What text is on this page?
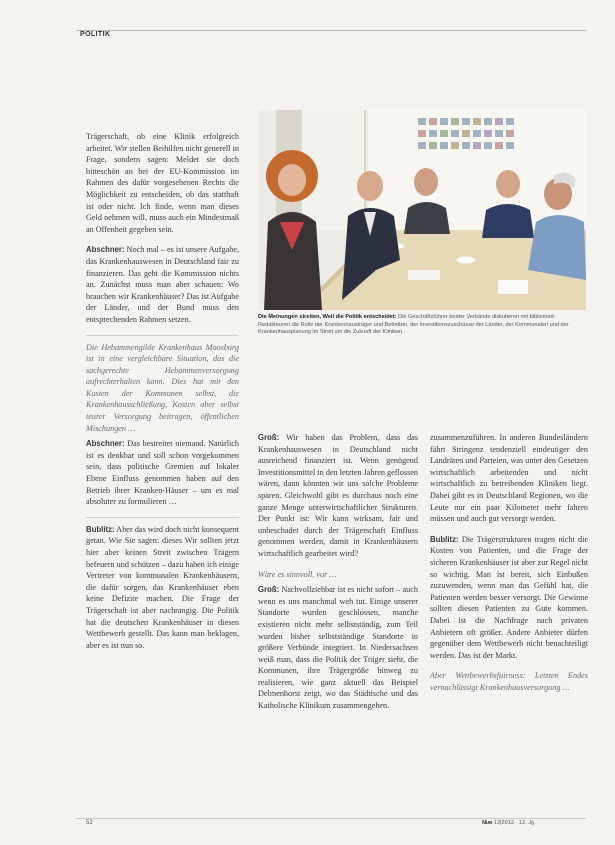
POLITIK

Trägerschaft, ob eine Klinik erfolgreich arbeitet. Wir stellen Beihilfen nicht generell in Frage, sondern sagen: Meldet sie doch bitteschön an bei der EU-Kommission im Rahmen des dafür vorgesehenen Rechts die Möglichkeit zu entscheiden, ob das statthaft ist oder nicht. Ich finde, wenn man dieses Geld nehmen will, muss auch ein Mindestmaß an Offenheit gegeben sein.

Abschner: Noch mal – es ist unsere Aufgabe, das Krankenhauswesen in Deutschland fair zu finanzieren. Das geht die Kommission nichts an. Zunächst muss man aber schauen: Wo brauchen wir Krankenhäuser? Das ist Aufgabe der Länder, und der Bund muss den entsprechenden Rahmen setzen.

Die Hebammengilde Krankenhaus Moosburg ist in eine vergleichbare Situation, das die sachgerechte Hebammenversorgung aufrechterhalten kann. Dies hat mit den Kosten der Kommunen selbst, die Krankenhausschließung, Kosten aber selbst teurer Versorgung beitragen, öffentlichen Mischungen …

Abschner: Das bestreitet niemand. Natürlich ist es denkbar und soll schon vorgekommen sein, dass politische Gremien auf lokaler Ebene Einfluss genommen haben auf den Betrieb ihrer Kranken-Häuser – um es mal absoluter zu formulieren …

Bublitz: Aber das wird doch nicht konsequent getan. Wie Sie sagen: dieses Wir sollten jetzt hier aber keinen Streit zwischen Trägern befeuern und schützen – dazu haben ich einige Vertreter von kommunalen Krankenhäusern, die dafür sorgen, das Krankenhäuser eben keine Defizite machen. Die Frage der Trägerschaft ist aber nachrangig. Die Politik hat die deutschen Krankenhäuser in diesen Wettbewerb gestellt. Das kann man beklagen, aber es ist nun so.

Die Meinungen streiten, Weil die Politik entscheidet: Die Geschäftsführer beider Verbände diskutieren mit bibliomed-Redakteuren die Rolle der Krankenhausträger und Betreiber, der Investitionszuschüsse der Länder, der Kommunalen und der Krankenhausplanung im Streit um die Zukunft der Kliniken.

Groß: Wir haben das Problem, dass das Krankenhauswesen in Deutschland nicht ausreichend finanziert ist. Wenn genügend Investitionsmittel in den letzten Jahren geflossen wären, dann könnten wir uns solche Probleme sparen. Gleichwohl gibt es durchaus noch eine ganze Menge unterwirtschaftlicher Strukturen. Der Punkt ist: Wir kann wirksam, fair und unbeschadet durch der Trägerschaft Einfluss genommen werden, damit in Krankenhäusern wirtschaftlich gearbeitet wird?

Wäre es sinnvoll, vor …

Groß: Nachvollziehbar ist es nicht sofort – auch wenn es uns manchmal weh tut. Einige unserer Standorte wurden geschlossen, manche existieren nicht mehr selbstständig, zum Teil wurden bisher selbstständige Standorte in größere Verbünde integriert. In Niedersachsen weiß man, dass die Politik der Träger sieht, die Kommunen, ihre Trägergröße hinweg zu realisieren, wie ganz aktuell das Beispiel Delmenhorst zeigt, wo das Städtische und das Katholische Klinikum zusammengehen.

zusammenzuführen. In anderen Bundesländern fährt Stringenz tendenziell eindeutiger den Landräten und Parteien, was unter den Gesetzen wirtschaftlich arbeitenden und nicht wirtschaftlich zu betreibenden Kliniken liegt. Dabei gibt es in Deutschland Regionen, wo die Leute nur ein paar Kilometer mehr fahren müssen und auch gut versorgt werden.

Bublitz: Die Trägerstrukturen tragen nicht die Kosten von Patienten, und die Frage der sicheren Krankenhäuser ist aber zur Regel nicht so wichtig. Man ist bereit, sich Einbußen zuzuwenden, wenn man das Gefühl hat, die Patienten werden besser versorgt. Die Gewinne sollten diesen Patienten zu Gute kommen. Dabei ist die Nachfrage nach privaten Anbietern oft größer. Andere Anbieter dürfen gegenüber dem Wettbewerb nicht benachteiligt werden. Das ist der Markt.

Aber Wettbewerbsfairness: Letzten Endes vernachlässigt Krankenhausversorgung …

52	f&w 12|2012 · 12. Jg.
